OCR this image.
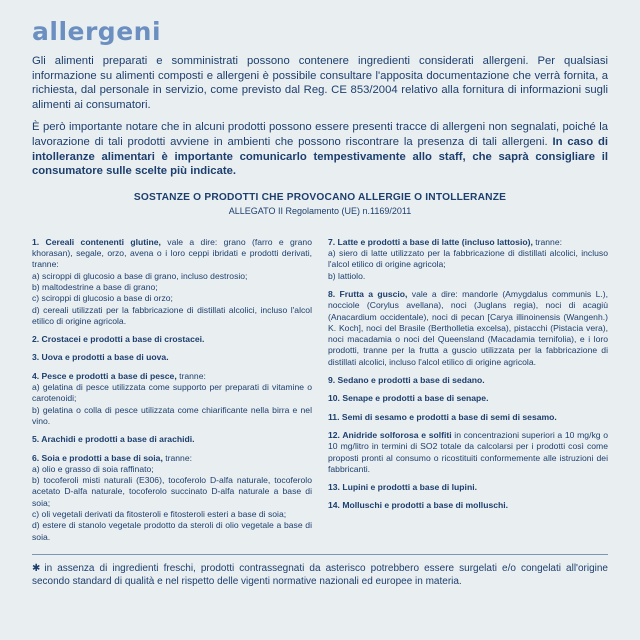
allergeni

Gli alimenti preparati e somministrati possono contenere ingredienti considerati allergeni. Per qualsiasi informazione su alimenti composti e allergeni è possibile consultare l'apposita documentazione che verrà fornita, a richiesta, dal personale in servizio, come previsto dal Reg. CE 853/2004 relativo alla fornitura di informazioni sugli alimenti ai consumatori.

È però importante notare che in alcuni prodotti possono essere presenti tracce di allergeni non segnalati, poiché la lavorazione di tali prodotti avviene in ambienti che possono riscontrare la presenza di tali allergeni. In caso di intolleranze alimentari è importante comunicarlo tempestivamente allo staff, che saprà consigliare il consumatore sulle scelte più indicate.

SOSTANZE O PRODOTTI CHE PROVOCANO ALLERGIE O INTOLLERANZE
ALLEGATO II Regolamento (UE) n.1169/2011
1. Cereali contenenti glutine, vale a dire: grano (farro e grano khorasan), segale, orzo, avena o i loro ceppi ibridati e prodotti derivati, tranne:
a) sciroppi di glucosio a base di grano, incluso destrosio;
b) maltodestrine a base di grano;
c) sciroppi di glucosio a base di orzo;
d) cereali utilizzati per la fabbricazione di distillati alcolici, incluso l'alcol etilico di origine agricola.
2. Crostacei e prodotti a base di crostacei.
3. Uova e prodotti a base di uova.
4. Pesce e prodotti a base di pesce, tranne:
a) gelatina di pesce utilizzata come supporto per preparati di vitamine o carotenoidi;
b) gelatina o colla di pesce utilizzata come chiarificante nella birra e nel vino.
5. Arachidi e prodotti a base di arachidi.
6. Soia e prodotti a base di soia, tranne:
a) olio e grasso di soia raffinato;
b) tocoferoli misti naturali (E306), tocoferolo D-alfa naturale, tocoferolo acetato D-alfa naturale, tocoferolo succinato D-alfa naturale a base di soia;
c) oli vegetali derivati da fitosteroli e fitosteroli esteri a base di soia;
d) estere di stanolo vegetale prodotto da steroli di olio vegetale a base di soia.
7. Latte e prodotti a base di latte (incluso lattosio), tranne:
a) siero di latte utilizzato per la fabbricazione di distillati alcolici, incluso l'alcol etilico di origine agricola;
b) lattiolo.
8. Frutta a guscio, vale a dire: mandorle (Amygdalus communis L.), nocciole (Corylus avellana), noci (Juglans regia), noci di acagiù (Anacardium occidentale), noci di pecan [Carya illinoinensis (Wangenh.) K. Koch], noci del Brasile (Bertholletia excelsa), pistacchi (Pistacia vera), noci macadamia o noci del Queensland (Macadamia ternifolia), e i loro prodotti, tranne per la frutta a guscio utilizzata per la fabbricazione di distillati alcolici, incluso l'alcol etilico di origine agricola.
9. Sedano e prodotti a base di sedano.
10. Senape e prodotti a base di senape.
11. Semi di sesamo e prodotti a base di semi di sesamo.
12. Anidride solforosa e solfiti in concentrazioni superiori a 10 mg/kg o 10 mg/litro in termini di SO2 totale da calcolarsi per i prodotti così come proposti pronti al consumo o ricostituiti conformemente alle istruzioni dei fabbricanti.
13. Lupini e prodotti a base di lupini.
14. Molluschi e prodotti a base di molluschi.
✱ in assenza di ingredienti freschi, prodotti contrassegnati da asterisco potrebbero essere surgelati e/o congelati all'origine secondo standard di qualità e nel rispetto delle vigenti normative nazionali ed europee in materia.
